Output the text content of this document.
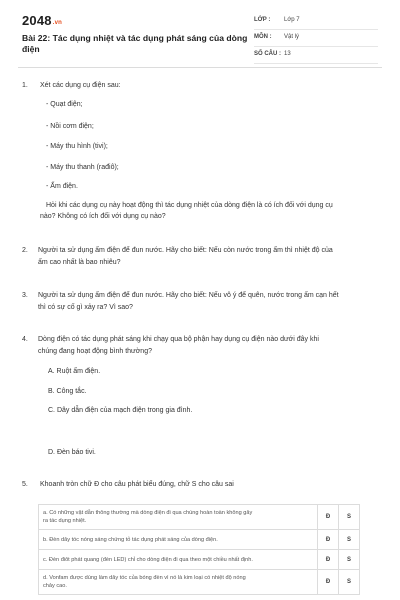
2048.vn
Bài 22: Tác dụng nhiệt và tác dụng phát sáng của dòng điện
LỚP : Lớp 7
MÔN : Vật lý
SỐ CÂU : 13
1. Xét các dụng cụ điện sau:
- Quạt điện;
- Nồi cơm điện;
- Máy thu hình (tivi);
- Máy thu thanh (rađiô);
- Ấm điện.
Hỏi khi các dụng cụ này hoạt động thì tác dụng nhiệt của dòng điện là có ích đối với dụng cụ
nào? Không có ích đối với dụng cụ nào?
2. Người ta sử dụng ấm điện để đun nước. Hãy cho biết: Nếu còn nước trong ấm thì nhiệt độ của
ấm cao nhất là bao nhiêu?
3. Người ta sử dụng ấm điện để đun nước. Hãy cho biết: Nếu vô ý để quên, nước trong ấm cạn hết
thì có sự cố gì xảy ra? Vì sao?
4. Dòng điện có tác dụng phát sáng khi chạy qua bộ phận hay dụng cụ điện nào dưới đây khi
chúng đang hoạt động bình thường?
A. Ruột ấm điện.
B. Công tắc.
C. Dây dẫn điện của mạch điện trong gia đình.
D. Đèn báo tivi.
5. Khoanh tròn chữ Đ cho câu phát biểu đúng, chữ S cho câu sai
a. Có những vật dẫn thông thường mà dòng điện đi qua chúng hoàn toàn không gây
ra tác dụng nhiệt.	Đ	S
b. Đèn dây tóc nóng sáng chứng tỏ tác dụng phát sáng của dòng điện.	Đ	S
c. Đèn điôt phát quang (đèn LED) chỉ cho dòng điện đi qua theo một chiều nhất định.	Đ	S
d. Vonfam được dùng làm dây tóc của bóng đèn vì nó là kim loại có nhiệt độ nóng
chảy cao.	Đ	S
